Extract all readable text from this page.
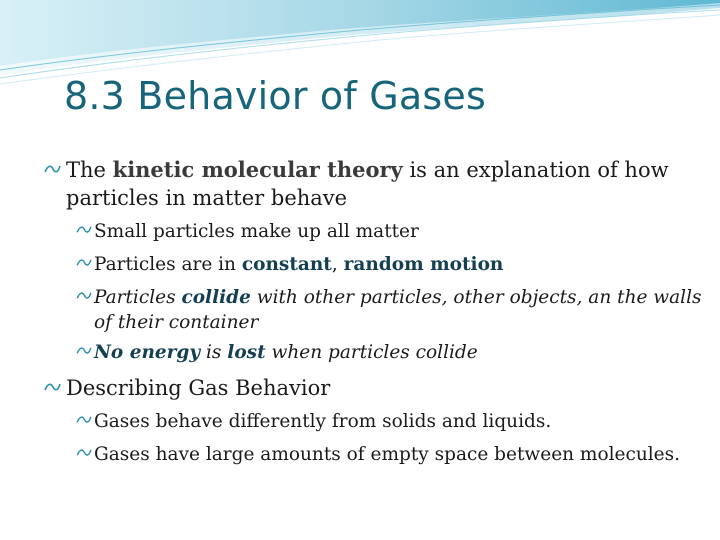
8.3 Behavior of Gases

The kinetic molecular theory is an explanation of how particles in matter behave

Small particles make up all matter

Particles are in constant, random motion

Particles collide with other particles, other objects, an the walls of their container

No energy is lost when particles collide

Describing Gas Behavior

Gases behave differently from solids and liquids.

Gases have large amounts of empty space between molecules.
